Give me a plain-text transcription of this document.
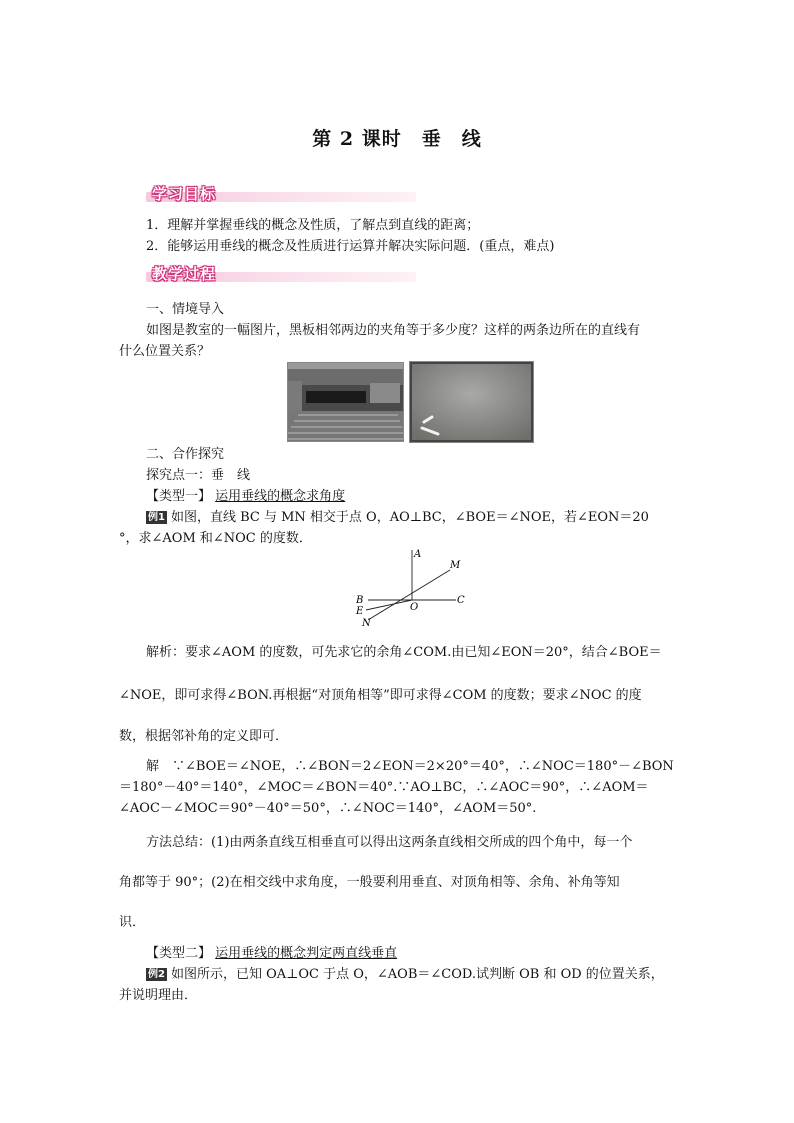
第 2 课时　垂　线
学习目标
1．理解并掌握垂线的概念及性质，了解点到直线的距离；
2．能够运用垂线的概念及性质进行运算并解决实际问题．(重点，难点)
教学过程
一、情境导入
如图是教室的一幅图片，黑板相邻两边的夹角等于多少度？这样的两条边所在的直线有
什么位置关系？
二、合作探究
探究点一：垂　线
【类型一】 运用垂线的概念求角度
例1 如图，直线 BC 与 MN 相交于点 O，AO⊥BC，∠BOE＝∠NOE，若∠EON＝20
°，求∠AOM 和∠NOC 的度数．
A
M
B	C
E
N
O
解析：要求∠AOM 的度数，可先求它的余角∠COM.由已知∠EON＝20°，结合∠BOE＝
∠NOE，即可求得∠BON.再根据“对顶角相等”即可求得∠COM 的度数；要求∠NOC 的度
数，根据邻补角的定义即可．
解　∵∠BOE＝∠NOE，∴∠BON＝2∠EON＝2×20°＝40°，∴∠NOC＝180°－∠BON
＝180°－40°＝140°，∠MOC＝∠BON＝40°.∵AO⊥BC，∴∠AOC＝90°，∴∠AOM＝
∠AOC－∠MOC＝90°－40°＝50°，∴∠NOC＝140°，∠AOM＝50°.
方法总结：(1)由两条直线互相垂直可以得出这两条直线相交所成的四个角中，每一个
角都等于 90°；(2)在相交线中求角度，一般要利用垂直、对顶角相等、余角、补角等知
识．
【类型二】 运用垂线的概念判定两直线垂直
例2 如图所示，已知 OA⊥OC 于点 O，∠AOB＝∠COD.试判断 OB 和 OD 的位置关系，
并说明理由．
